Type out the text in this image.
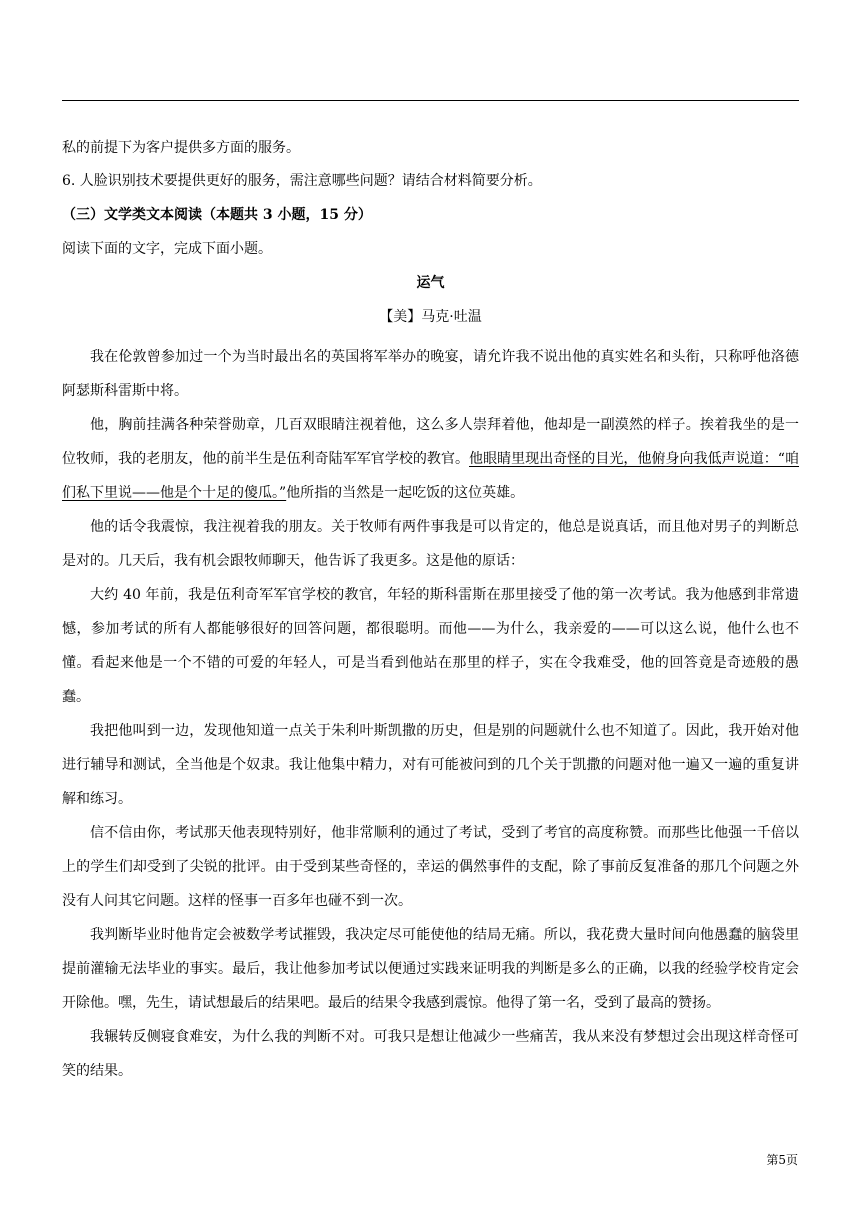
私的前提下为客户提供多方面的服务。
6. 人脸识别技术要提供更好的服务，需注意哪些问题？请结合材料简要分析。
（三）文学类文本阅读（本题共 3 小题，15 分）
阅读下面的文字，完成下面小题。
运气
【美】马克·吐温

我在伦敦曾参加过一个为当时最出名的英国将军举办的晚宴，请允许我不说出他的真实姓名和头衔，只称呼他洛德阿瑟斯科雷斯中将。

他，胸前挂满各种荣誉勋章，几百双眼睛注视着他，这么多人崇拜着他，他却是一副漠然的样子。挨着我坐的是一位牧师，我的老朋友，他的前半生是伍利奇陆军军官学校的教官。他眼睛里现出奇怪的目光，他俯身向我低声说道：“咱们私下里说——他是个十足的傻瓜。”他所指的当然是一起吃饭的这位英雄。

他的话令我震惊，我注视着我的朋友。关于牧师有两件事我是可以肯定的，他总是说真话，而且他对男子的判断总是对的。几天后，我有机会跟牧师聊天，他告诉了我更多。这是他的原话：

大约 40 年前，我是伍利奇军军官学校的教官，年轻的斯科雷斯在那里接受了他的第一次考试。我为他感到非常遗憾，参加考试的所有人都能够很好的回答问题，都很聪明。而他——为什么，我亲爱的——可以这么说，他什么也不懂。看起来他是一个不错的可爱的年轻人，可是当看到他站在那里的样子，实在令我难受，他的回答竟是奇迹般的愚蠢。

我把他叫到一边，发现他知道一点关于朱利叶斯凯撒的历史，但是别的问题就什么也不知道了。因此，我开始对他进行辅导和测试，全当他是个奴隶。我让他集中精力，对有可能被问到的几个关于凯撒的问题对他一遍又一遍的重复讲解和练习。

信不信由你，考试那天他表现特别好，他非常顺利的通过了考试，受到了考官的高度称赞。而那些比他强一千倍以上的学生们却受到了尖锐的批评。由于受到某些奇怪的，幸运的偶然事件的支配，除了事前反复准备的那几个问题之外没有人问其它问题。这样的怪事一百多年也碰不到一次。

我判断毕业时他肯定会被数学考试摧毁，我决定尽可能使他的结局无痛。所以，我花费大量时间向他愚蠢的脑袋里提前灌输无法毕业的事实。最后，我让他参加考试以便通过实践来证明我的判断是多么的正确，以我的经验学校肯定会开除他。嘿，先生，请试想最后的结果吧。最后的结果令我感到震惊。他得了第一名，受到了最高的赞扬。

我辗转反侧寝食难安，为什么我的判断不对。可我只是想让他减少一些痛苦，我从来没有梦想过会出现这样奇怪可笑的结果。

第5页
